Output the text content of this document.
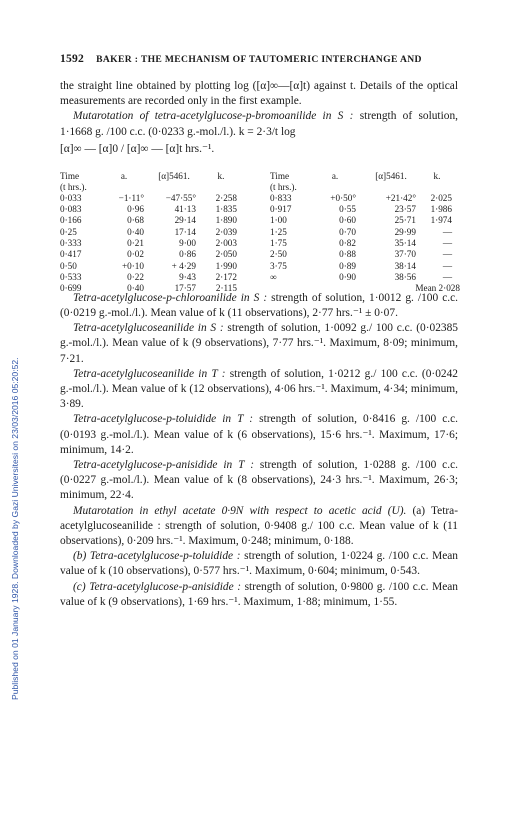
Published on 01 January 1928. Downloaded by Gazi Universitesi on 23/03/2016 05:20:52.
1592 BAKER : THE MECHANISM OF TAUTOMERIC INTERCHANGE AND

the straight line obtained by plotting log ([α]∞—[α]t) against t. Details of the optical measurements are recorded only in the first example.

Mutarotation of tetra-acetylglucose-p-bromoanilide in S : strength of solution, 1·1668 g. /100 c.c. (0·0233 g.-mol./l.). k = 2·3/t log

[α]∞ — [α]0 / [α]∞ — [α]t hrs.⁻¹.
Time
(t hrs.).
0·033
0·083
0·166
0·25
0·333
0·417
0·50
0·533
0·699
a.
−1·11°
0·96
0·68
0·40
0·21
0·02
+0·10
0·22
0·40
[α]5461.
−47·55°
41·13
29·14
17·14
9·00
0·86
+ 4·29
9·43
17·57
k.
2·258
1·835
1·890
2·039
2·003
2·050
1·990
2·172
2·115
Time
(t hrs.).
0·833
0·917
1·00
1·25
1·75
2·50
3·75
∞

a.
+0·50°
0·55
0·60
0·70
0·82
0·88
0·89
0·90

[α]5461.
+21·42°
23·57
25·71
29·99
35·14
37·70
38·14
38·56

k.
2·025
1·986
1·974
—
—
—
—
—

Mean 2·028

Tetra-acetylglucose-p-chloroanilide in S : strength of solution, 1·0012 g. /100 c.c. (0·0219 g.-mol./l.). Mean value of k (11 observations), 2·77 hrs.⁻¹ ± 0·07.

Tetra-acetylglucoseanilide in S : strength of solution, 1·0092 g./ 100 c.c. (0·02385 g.-mol./l.). Mean value of k (9 observations), 7·77 hrs.⁻¹. Maximum, 8·09; minimum, 7·21.

Tetra-acetylglucoseanilide in T : strength of solution, 1·0212 g./ 100 c.c. (0·0242 g.-mol./l.). Mean value of k (12 observations), 4·06 hrs.⁻¹. Maximum, 4·34; minimum, 3·89.

Tetra-acetylglucose-p-toluidide in T : strength of solution, 0·8416 g. /100 c.c. (0·0193 g.-mol./l.). Mean value of k (6 observations), 15·6 hrs.⁻¹. Maximum, 17·6; minimum, 14·2.

Tetra-acetylglucose-p-anisidide in T : strength of solution, 1·0288 g. /100 c.c. (0·0227 g.-mol./l.). Mean value of k (8 observations), 24·3 hrs.⁻¹. Maximum, 26·3; minimum, 22·4.

Mutarotation in ethyl acetate 0·9N with respect to acetic acid (U). (a) Tetra-acetylglucoseanilide : strength of solution, 0·9408 g./ 100 c.c. Mean value of k (11 observations), 0·209 hrs.⁻¹. Maximum, 0·248; minimum, 0·188.

(b) Tetra-acetylglucose-p-toluidide : strength of solution, 1·0224 g. /100 c.c. Mean value of k (10 observations), 0·577 hrs.⁻¹. Maximum, 0·604; minimum, 0·543.

(c) Tetra-acetylglucose-p-anisidide : strength of solution, 0·9800 g. /100 c.c. Mean value of k (9 observations), 1·69 hrs.⁻¹. Maximum, 1·88; minimum, 1·55.
